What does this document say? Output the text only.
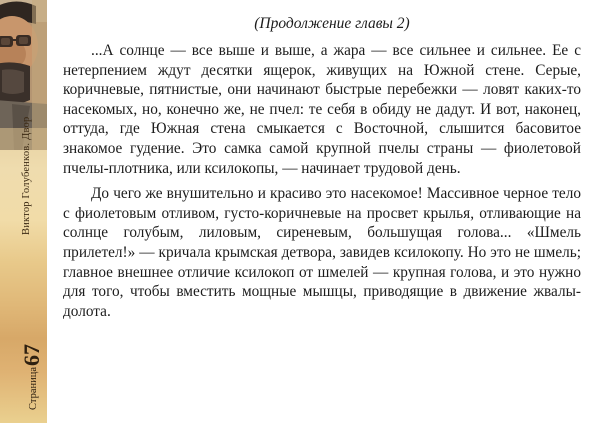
Виктор Голубенков. Двор
Страница67
(Продолжение главы 2)

...А солнце — все выше и выше, а жара — все сильнее и сильнее. Ее с нетерпением ждут десятки ящерок, живущих на Южной стене. Серые, коричневые, пятнистые, они начинают быстрые перебежки — ловят каких-то насекомых, но, конечно же, не пчел: те себя в обиду не дадут. И вот, наконец, оттуда, где Южная стена смыкается с Восточной, слышится басовитое знакомое гудение. Это самка самой крупной пчелы страны — фиолетовой пчелы-плотника, или ксилокопы, — начинает трудовой день.

До чего же внушительно и красиво это насекомое! Массивное черное тело с фиолетовым отливом, густо-коричневые на просвет крылья, отливающие на солнце голубым, лиловым, сиреневым, большущая голова... «Шмель прилетел!» — кричала крымская детвора, завидев ксилокопу. Но это не шмель; главное внешнее отличие ксилокоп от шмелей — крупная голова, и это нужно для того, чтобы вместить мощные мышцы, приводящие в движение жвалы-долота.
